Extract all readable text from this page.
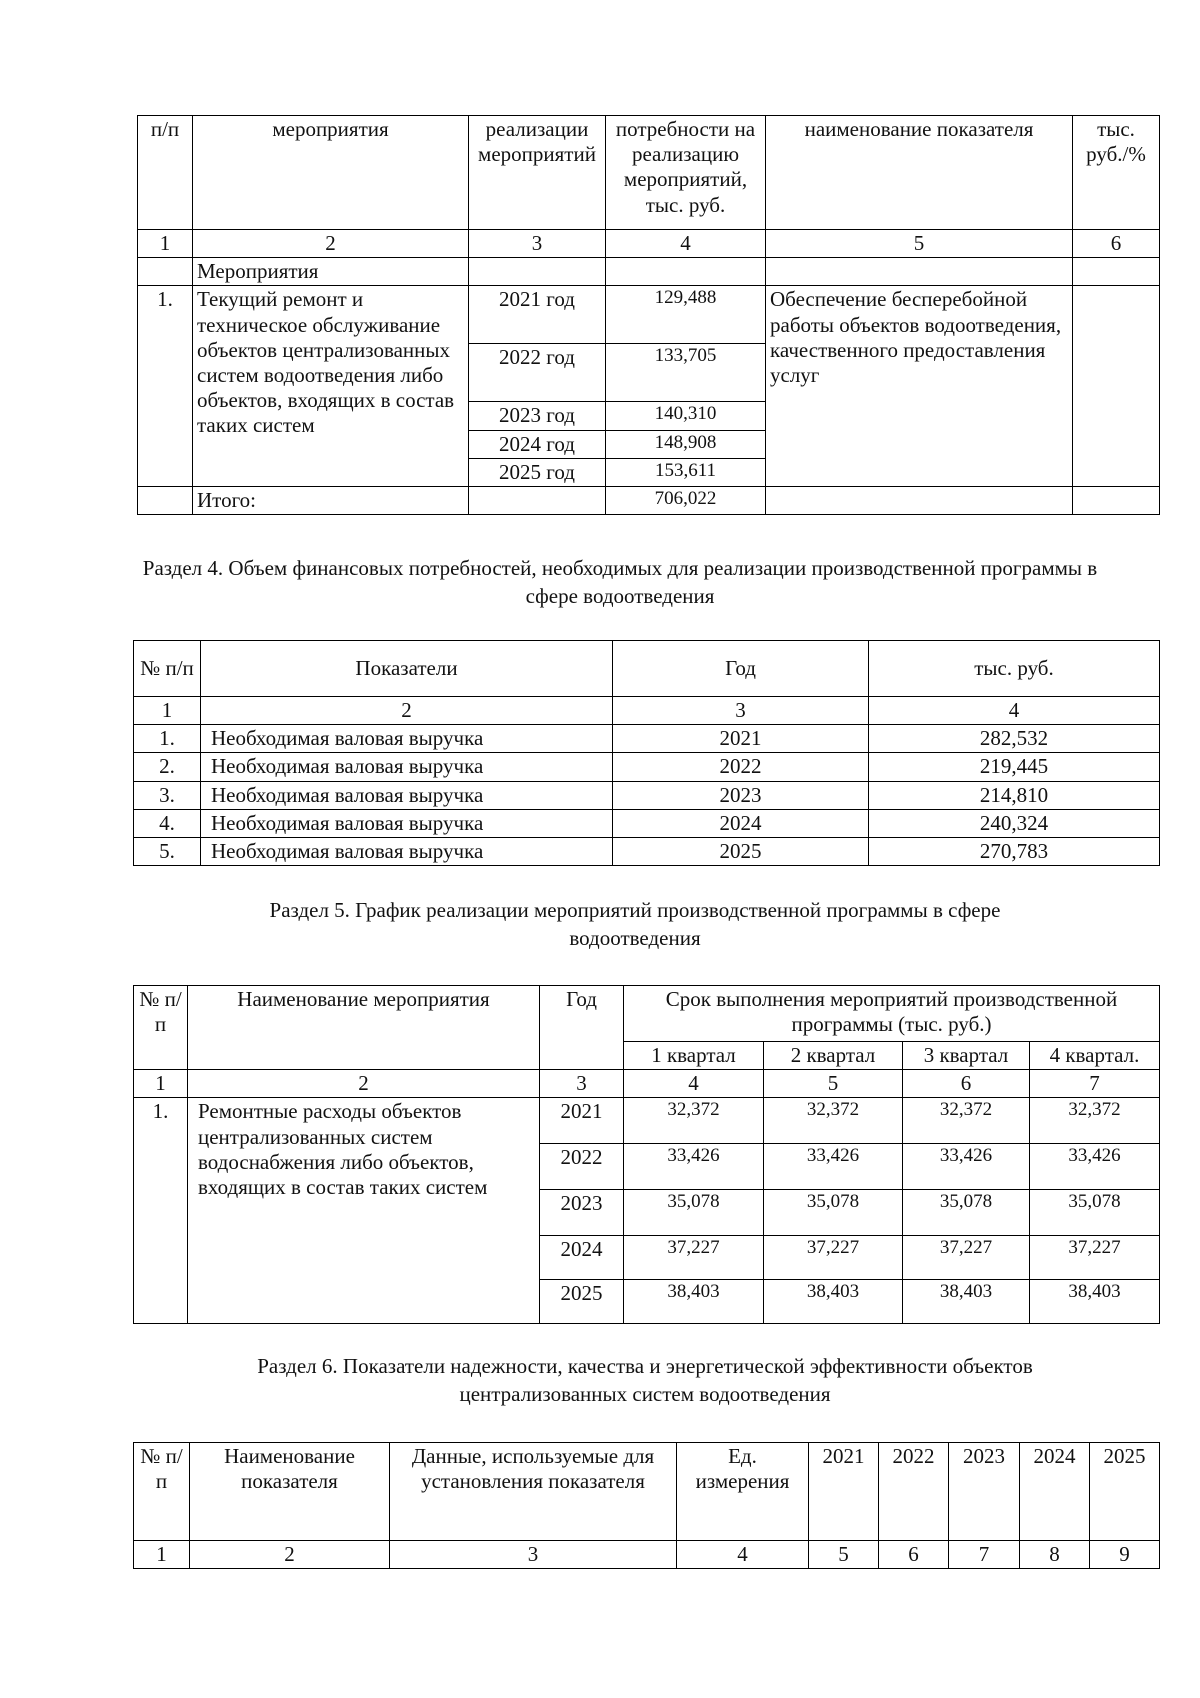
п/п	мероприятия	реализации мероприятий	потребности на реализацию мероприятий, тыс. руб.	наименование показателя	тыс. руб./%
1	2	3	4	5	6
	Мероприятия				
1.	Текущий ремонт и техническое обслуживание объектов централизованных систем водоотведения либо объектов, входящих в состав таких систем	2021 год	129,488	Обеспечение бесперебойной работы объектов водоотведения, качественного предоставления услуг	
		2022 год	133,705		
		2023 год	140,310		
		2024 год	148,908		
		2025 год	153,611		
	Итого:		706,022		
Раздел 4. Объем финансовых потребностей, необходимых для реализации производственной программы в сфере водоотведения
№ п/п	Показатели	Год	тыс. руб.
1	2	3	4
1.	Необходимая валовая выручка	2021	282,532
2.	Необходимая валовая выручка	2022	219,445
3.	Необходимая валовая выручка	2023	214,810
4.	Необходимая валовая выручка	2024	240,324
5.	Необходимая валовая выручка	2025	270,783
Раздел 5. График реализации мероприятий производственной программы в сфере водоотведения
№ п/п	Наименование мероприятия	Год	Срок выполнения мероприятий производственной программы (тыс. руб.)			
			1 квартал	2 квартал	3 квартал	4 квартал.
1	2	3	4	5	6	7
1.	Ремонтные расходы объектов централизованных систем водоснабжения либо объектов, входящих в состав таких систем	2021	32,372	32,372	32,372	32,372
		2022	33,426	33,426	33,426	33,426
		2023	35,078	35,078	35,078	35,078
		2024	37,227	37,227	37,227	37,227
		2025	38,403	38,403	38,403	38,403
Раздел 6. Показатели надежности, качества и энергетической эффективности объектов централизованных систем водоотведения
№ п/п	Наименование показателя	Данные, используемые для установления показателя	Ед. измерения	2021	2022	2023	2024	2025
1	2	3	4	5	6	7	8	9
